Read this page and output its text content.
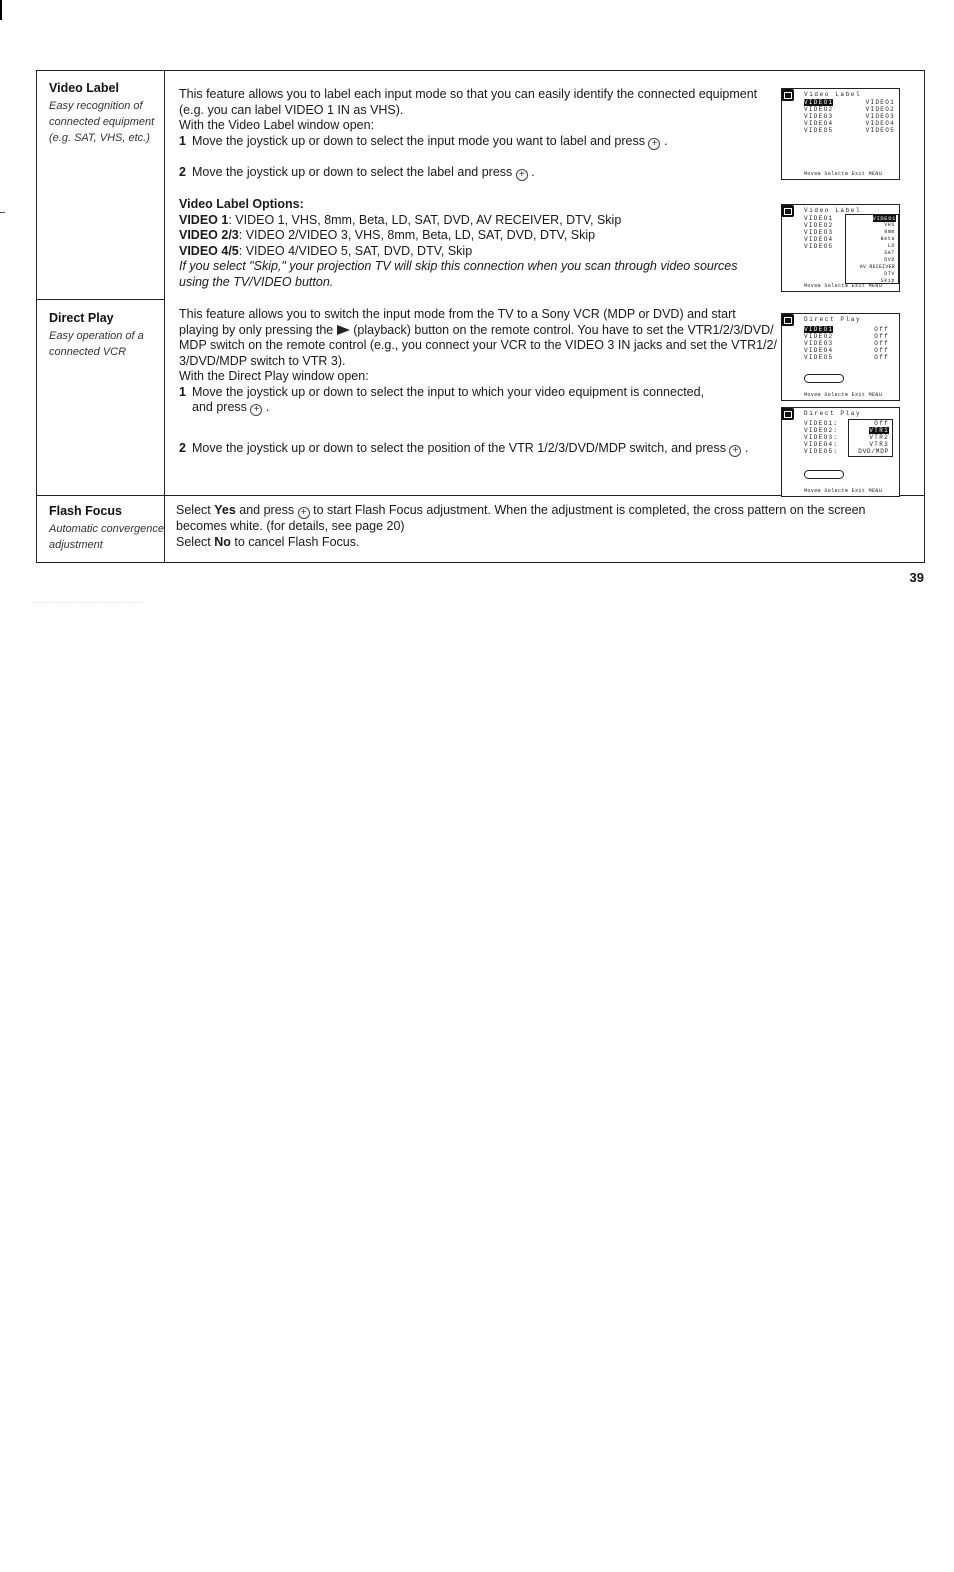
Video Label
Easy recognition of
connected equipment
(e.g. SAT, VHS, etc.)
This feature allows you to label each input mode so that you can easily identify the connected equipment
(e.g. you can label VIDEO 1 IN as VHS).
With the Video Label window open:
1 Move the joystick up or down to select the input mode you want to label and press + .
2 Move the joystick up or down to select the label and press + .
Video Label Options:
VIDEO 1: VIDEO 1, VHS, 8mm, Beta, LD, SAT, DVD, AV RECEIVER, DTV, Skip
VIDEO 2/3: VIDEO 2/VIDEO 3, VHS, 8mm, Beta, LD, SAT, DVD, DTV, Skip
VIDEO 4/5: VIDEO 4/VIDEO 5, SAT, DVD, DTV, Skip
If you select "Skip," your projection TV will skip this connection when you scan through video sources
using the TV/VIDEO button.
Direct Play
Easy operation of a
connected VCR
This feature allows you to switch the input mode from the TV to a Sony VCR (MDP or DVD) and start
playing by only pressing the (playback) button on the remote control. You have to set the VTR1/2/3/DVD/
MDP switch on the remote control (e.g., you connect your VCR to the VIDEO 3 IN jacks and set the VTR1/2/
3/DVD/MDP switch to VTR 3).
With the Direct Play window open:
1 Move the joystick up or down to select the input to which your video equipment is connected,
and press + .
2 Move the joystick up or down to select the position of the VTR 1/2/3/DVD/MDP switch, and press + .
Flash Focus
Automatic convergence
adjustment
Select Yes and press + to start Flash Focus adjustment. When the adjustment is completed, the cross pattern on the screen
becomes white. (for details, see page 20)
Select No to cancel Flash Focus.
Video Label
VIDEO1
VIDEO2
VIDEO3
VIDEO4
VIDEO5
VIDEO1
VIDEO2
VIDEO3
VIDEO4
VIDEO5
Move⊕ Select⊕ Exit MENU
Video Label
VIDEO1
VIDEO2
VIDEO3
VIDEO4
VIDEO5
VIDEO1
VHS
8mm
Beta
LD
SAT
DVD
AV RECEIVER
DTV
Skip
Move⊕ Select⊕ Exit MENU
Direct Play
VIDEO1
VIDEO2
VIDEO3
VIDEO4
VIDEO5
Off
Off
Off
Off
Off
Move⊕ Select⊕ Exit MENU
Direct Play
VIDEO1:
VIDEO2:
VIDEO3:
VIDEO4:
VIDEO5:
Off
VTR1
VTR2
VTR3
DVD/MDP
Move⊕ Select⊕ Exit MENU
39
·····································
